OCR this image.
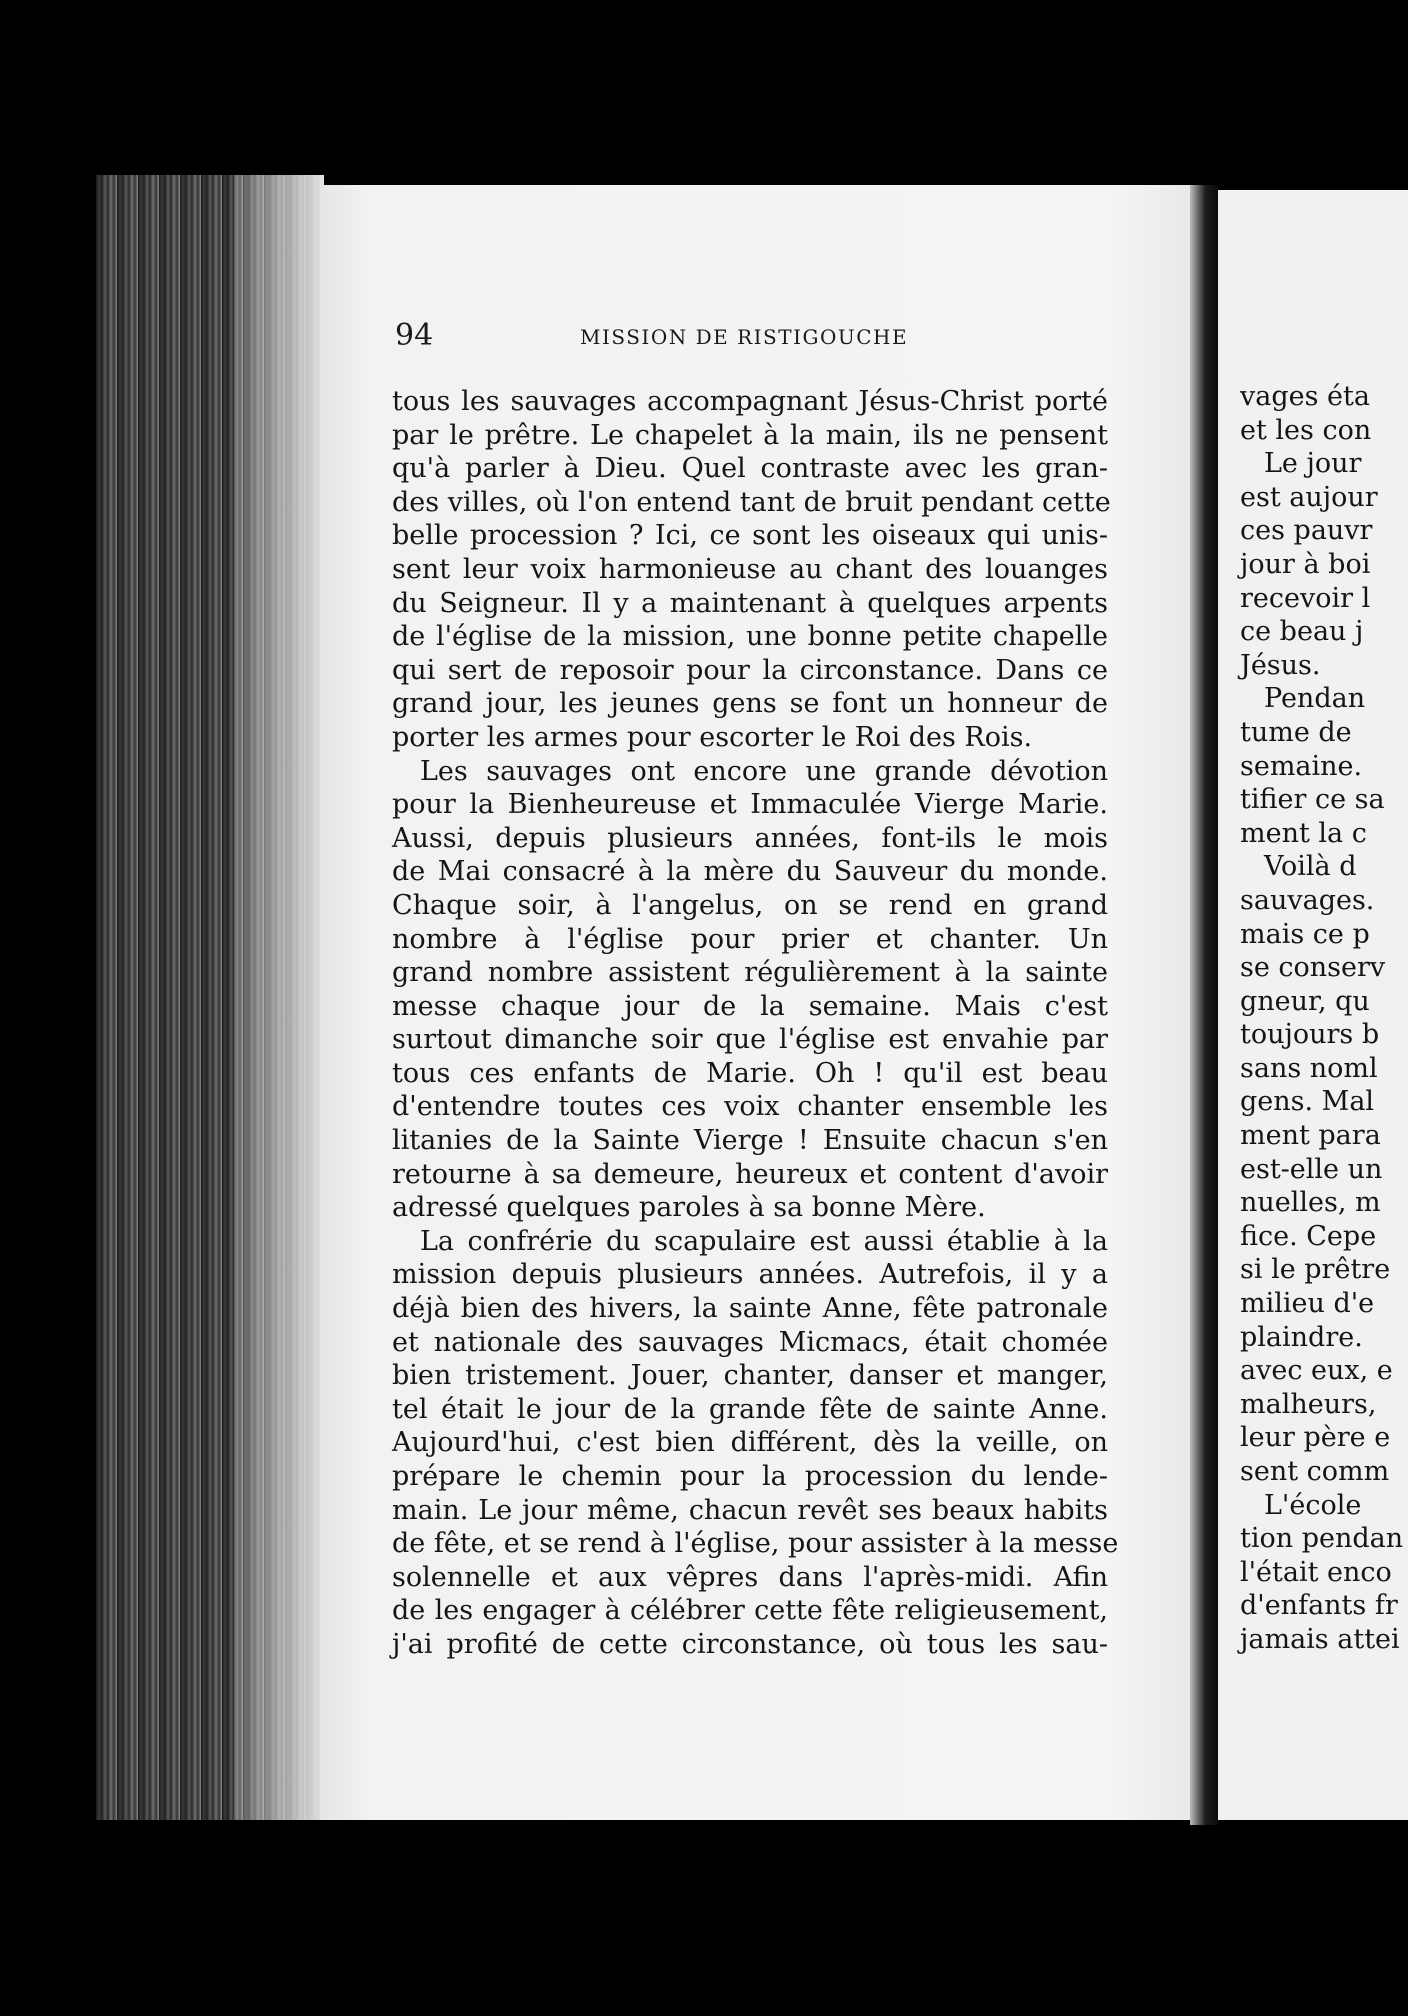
94	MISSION DE RISTIGOUCHE
tous les sauvages accompagnant Jésus-Christ porté
par le prêtre. Le chapelet à la main, ils ne pensent
qu'à parler à Dieu. Quel contraste avec les gran-
des villes, où l'on entend tant de bruit pendant cette
belle procession ? Ici, ce sont les oiseaux qui unis-
sent leur voix harmonieuse au chant des louanges
du Seigneur. Il y a maintenant à quelques arpents
de l'église de la mission, une bonne petite chapelle
qui sert de reposoir pour la circonstance. Dans ce
grand jour, les jeunes gens se font un honneur de
porter les armes pour escorter le Roi des Rois.
Les sauvages ont encore une grande dévotion
pour la Bienheureuse et Immaculée Vierge Marie.
Aussi, depuis plusieurs années, font-ils le mois
de Mai consacré à la mère du Sauveur du monde.
Chaque soir, à l'angelus, on se rend en grand
nombre à l'église pour prier et chanter. Un
grand nombre assistent régulièrement à la sainte
messe chaque jour de la semaine. Mais c'est
surtout dimanche soir que l'église est envahie par
tous ces enfants de Marie. Oh ! qu'il est beau
d'entendre toutes ces voix chanter ensemble les
litanies de la Sainte Vierge ! Ensuite chacun s'en
retourne à sa demeure, heureux et content d'avoir
adressé quelques paroles à sa bonne Mère.
La confrérie du scapulaire est aussi établie à la
mission depuis plusieurs années. Autrefois, il y a
déjà bien des hivers, la sainte Anne, fête patronale
et nationale des sauvages Micmacs, était chomée
bien tristement. Jouer, chanter, danser et manger,
tel était le jour de la grande fête de sainte Anne.
Aujourd'hui, c'est bien différent, dès la veille, on
prépare le chemin pour la procession du lende-
main. Le jour même, chacun revêt ses beaux habits
de fête, et se rend à l'église, pour assister à la messe
solennelle et aux vêpres dans l'après-midi. Afin
de les engager à célébrer cette fête religieusement,
j'ai profité de cette circonstance, où tous les sau-
vages éta
et les con
Le jour
est aujour
ces pauvr
jour à boi
recevoir l
ce beau j
Jésus.
Pendan
tume de
semaine.
tifier ce sa
ment la c
Voilà d
sauvages.
mais ce p
se conserv
gneur, qu
toujours b
sans noml
gens. Mal
ment para
est-elle un
nuelles, m
fice. Cepe
si le prêtre
milieu d'e
plaindre.
avec eux, e
malheurs,
leur père e
sent comm
L'école
tion pendan
l'était enco
d'enfants fr
jamais attei
